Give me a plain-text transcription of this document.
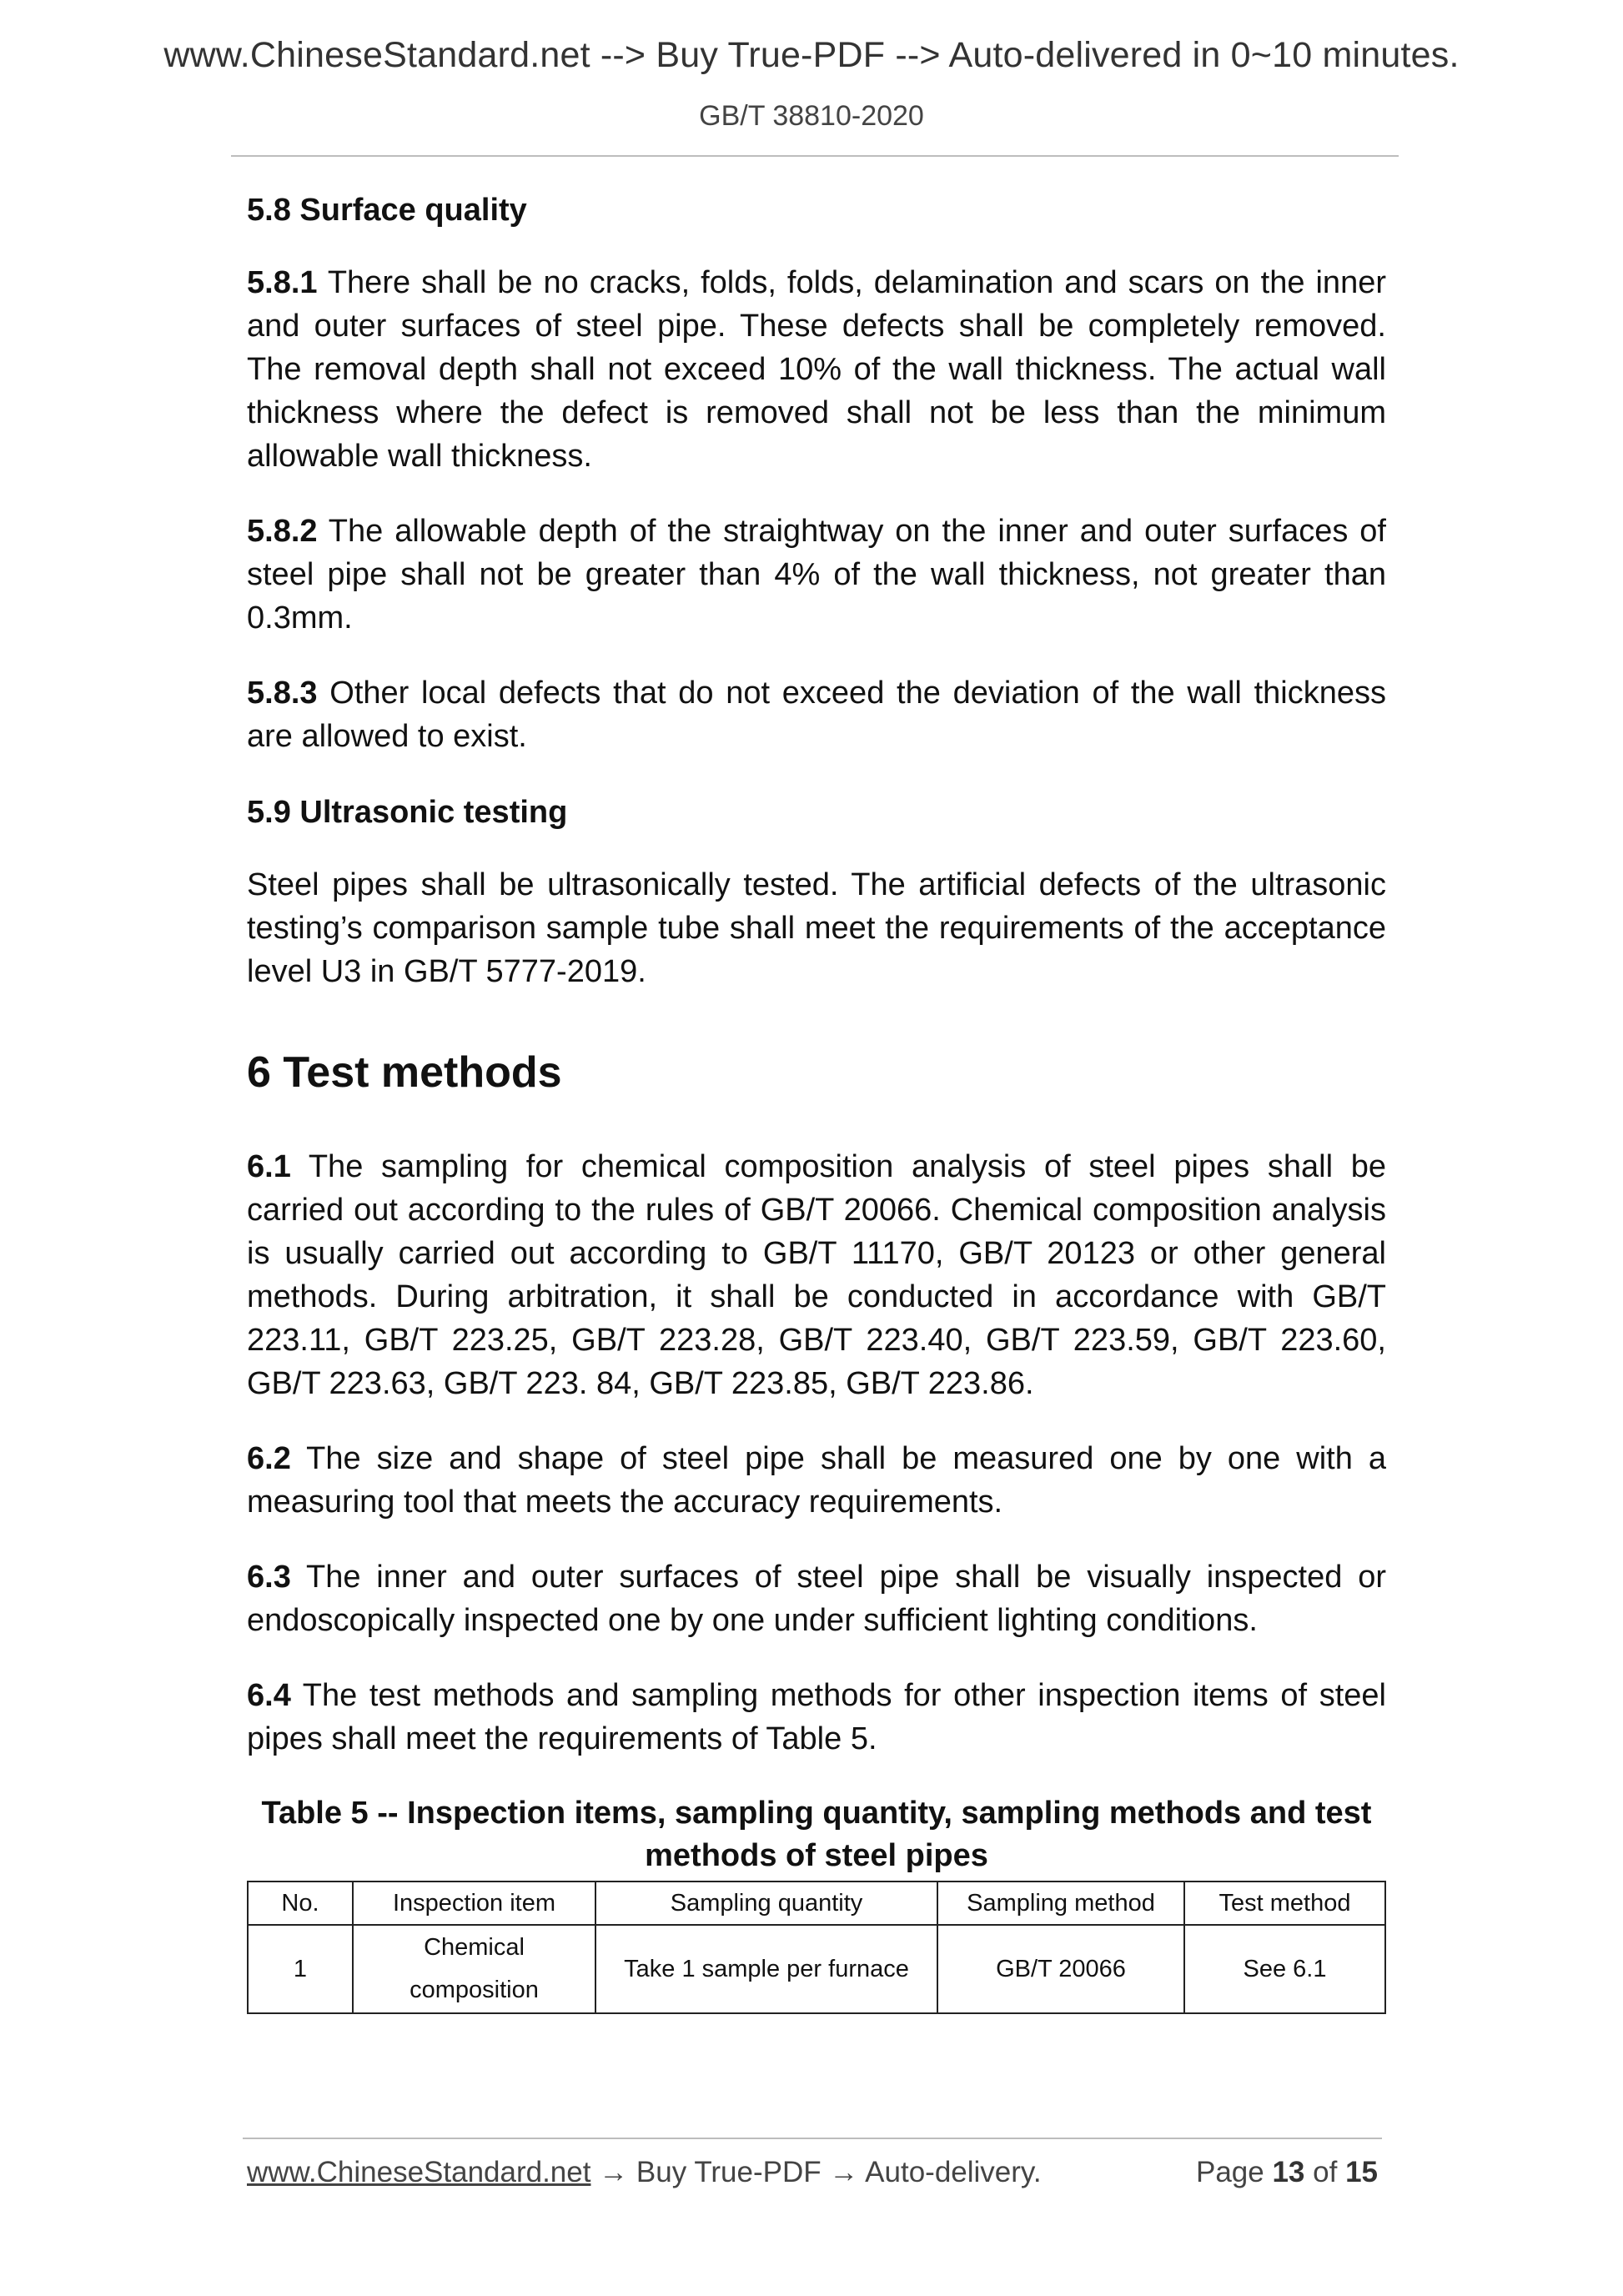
www.ChineseStandard.net --> Buy True-PDF --> Auto-delivered in 0~10 minutes.
GB/T 38810-2020
5.8 Surface quality

5.8.1 There shall be no cracks, folds, folds, delamination and scars on the inner and outer surfaces of steel pipe. These defects shall be completely removed. The removal depth shall not exceed 10% of the wall thickness. The actual wall thickness where the defect is removed shall not be less than the minimum allowable wall thickness.

5.8.2 The allowable depth of the straightway on the inner and outer surfaces of steel pipe shall not be greater than 4% of the wall thickness, not greater than 0.3mm.

5.8.3 Other local defects that do not exceed the deviation of the wall thickness are allowed to exist.

5.9 Ultrasonic testing

Steel pipes shall be ultrasonically tested. The artificial defects of the ultrasonic testing’s comparison sample tube shall meet the requirements of the acceptance level U3 in GB/T 5777-2019.

6 Test methods

6.1 The sampling for chemical composition analysis of steel pipes shall be carried out according to the rules of GB/T 20066. Chemical composition analysis is usually carried out according to GB/T 11170, GB/T 20123 or other general methods. During arbitration, it shall be conducted in accordance with GB/T 223.11, GB/T 223.25, GB/T 223.28, GB/T 223.40, GB/T 223.59, GB/T 223.60, GB/T 223.63, GB/T 223. 84, GB/T 223.85, GB/T 223.86.

6.2 The size and shape of steel pipe shall be measured one by one with a measuring tool that meets the accuracy requirements.

6.3 The inner and outer surfaces of steel pipe shall be visually inspected or endoscopically inspected one by one under sufficient lighting conditions.

6.4 The test methods and sampling methods for other inspection items of steel pipes shall meet the requirements of Table 5.

Table 5 -- Inspection items, sampling quantity, sampling methods and test methods of steel pipes
No.	Inspection item	Sampling quantity	Sampling method	Test method
1	Chemical composition	Take 1 sample per furnace	GB/T 20066	See 6.1
www.ChineseStandard.net → Buy True-PDF → Auto-delivery.	Page 13 of 15
